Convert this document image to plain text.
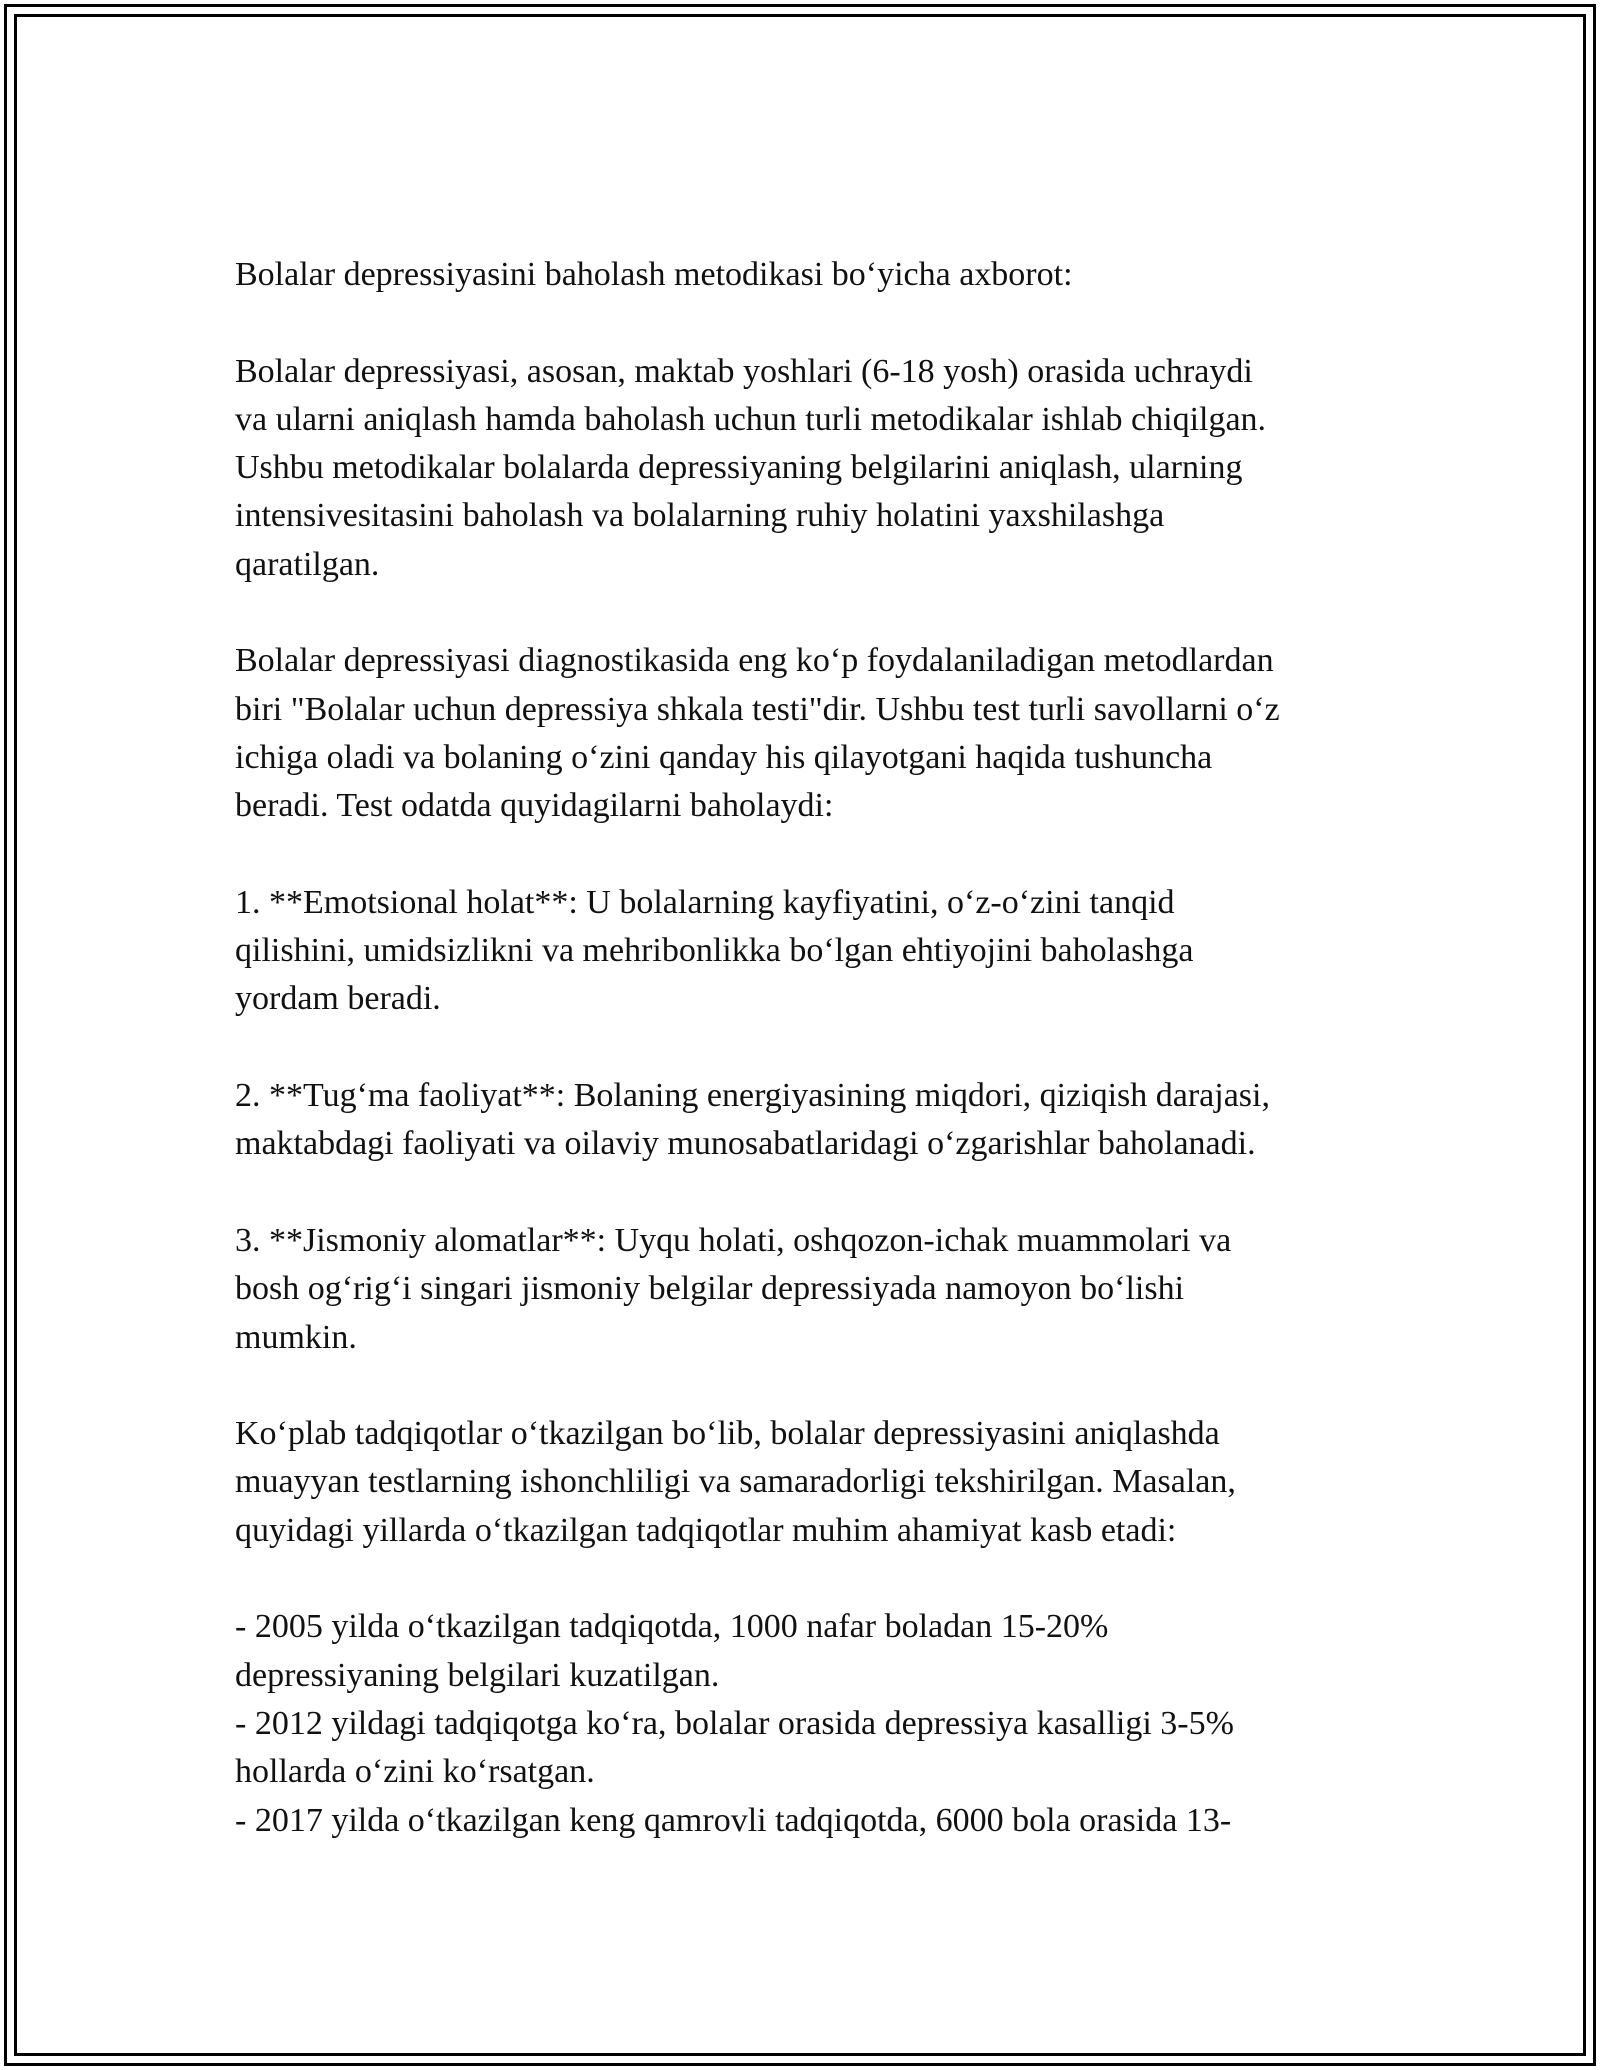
Bolalar depressiyasini baholash metodikasi bo‘yicha axborot:
Bolalar depressiyasi, asosan, maktab yoshlari (6-18 yosh) orasida uchraydi
va ularni aniqlash hamda baholash uchun turli metodikalar ishlab chiqilgan.
Ushbu metodikalar bolalarda depressiyaning belgilarini aniqlash, ularning
intensivesitasini baholash va bolalarning ruhiy holatini yaxshilashga
qaratilgan.
Bolalar depressiyasi diagnostikasida eng ko‘p foydalaniladigan metodlardan
biri "Bolalar uchun depressiya shkala testi"dir. Ushbu test turli savollarni o‘z
ichiga oladi va bolaning o‘zini qanday his qilayotgani haqida tushuncha
beradi. Test odatda quyidagilarni baholaydi:
1. **Emotsional holat**: U bolalarning kayfiyatini, o‘z-o‘zini tanqid
qilishini, umidsizlikni va mehribonlikka bo‘lgan ehtiyojini baholashga
yordam beradi.
2. **Tug‘ma faoliyat**: Bolaning energiyasining miqdori, qiziqish darajasi,
maktabdagi faoliyati va oilaviy munosabatlaridagi o‘zgarishlar baholanadi.
3. **Jismoniy alomatlar**: Uyqu holati, oshqozon-ichak muammolari va
bosh og‘rig‘i singari jismoniy belgilar depressiyada namoyon bo‘lishi
mumkin.
Ko‘plab tadqiqotlar o‘tkazilgan bo‘lib, bolalar depressiyasini aniqlashda
muayyan testlarning ishonchliligi va samaradorligi tekshirilgan. Masalan,
quyidagi yillarda o‘tkazilgan tadqiqotlar muhim ahamiyat kasb etadi:
- 2005 yilda o‘tkazilgan tadqiqotda, 1000 nafar boladan 15-20%
depressiyaning belgilari kuzatilgan.
- 2012 yildagi tadqiqotga ko‘ra, bolalar orasida depressiya kasalligi 3-5%
hollarda o‘zini ko‘rsatgan.
- 2017 yilda o‘tkazilgan keng qamrovli tadqiqotda, 6000 bola orasida 13-
